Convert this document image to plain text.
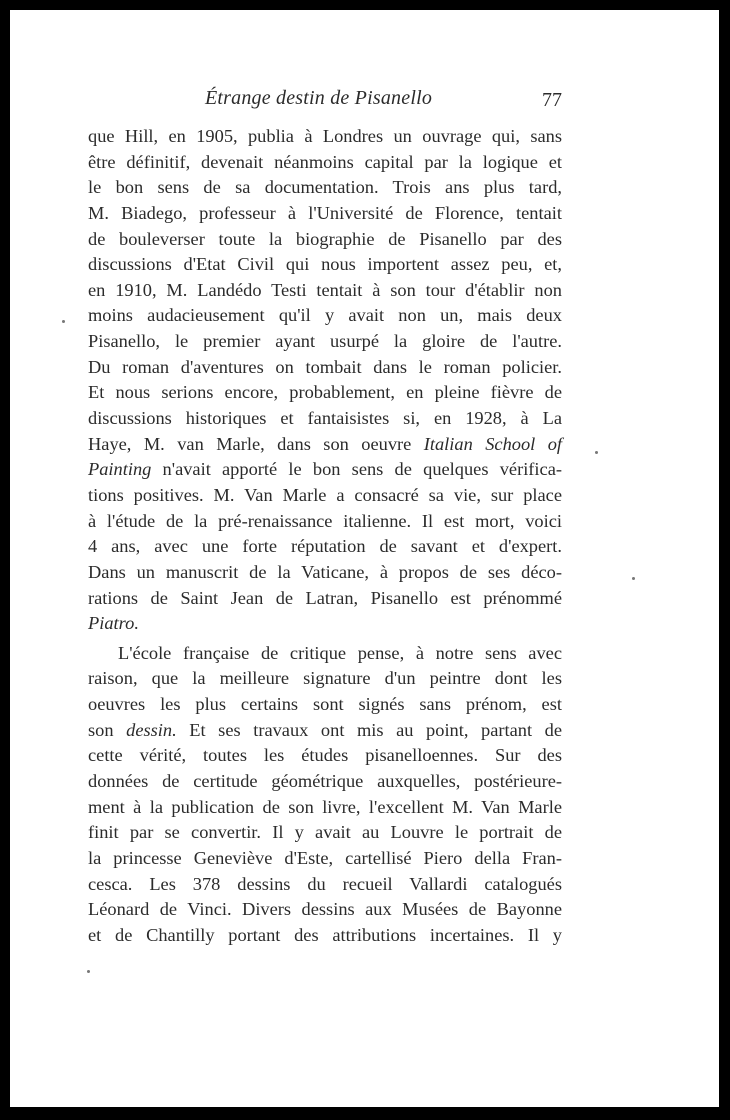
Étrange destin de Pisanello	77
que Hill, en 1905, publia à Londres un ouvrage qui, sans
être définitif, devenait néanmoins capital par la logique et
le bon sens de sa documentation. Trois ans plus tard,
M. Biadego, professeur à l'Université de Florence, tentait
de bouleverser toute la biographie de Pisanello par des
discussions d'Etat Civil qui nous importent assez peu, et,
en 1910, M. Landédo Testi tentait à son tour d'établir non
moins audacieusement qu'il y avait non un, mais deux
Pisanello, le premier ayant usurpé la gloire de l'autre.
Du roman d'aventures on tombait dans le roman policier.
Et nous serions encore, probablement, en pleine fièvre de
discussions historiques et fantaisistes si, en 1928, à La
Haye, M. van Marle, dans son oeuvre Italian School of
Painting n'avait apporté le bon sens de quelques vérifica-
tions positives. M. Van Marle a consacré sa vie, sur place
à l'étude de la pré-renaissance italienne. Il est mort, voici
4 ans, avec une forte réputation de savant et d'expert.
Dans un manuscrit de la Vaticane, à propos de ses déco-
rations de Saint Jean de Latran, Pisanello est prénommé
Piatro.
L'école française de critique pense, à notre sens avec
raison, que la meilleure signature d'un peintre dont les
oeuvres les plus certains sont signés sans prénom, est
son dessin. Et ses travaux ont mis au point, partant de
cette vérité, toutes les études pisanelloennes. Sur des
données de certitude géométrique auxquelles, postérieure-
ment à la publication de son livre, l'excellent M. Van Marle
finit par se convertir. Il y avait au Louvre le portrait de
la princesse Geneviève d'Este, cartellisé Piero della Fran-
cesca. Les 378 dessins du recueil Vallardi catalogués
Léonard de Vinci. Divers dessins aux Musées de Bayonne
et de Chantilly portant des attributions incertaines. Il y
